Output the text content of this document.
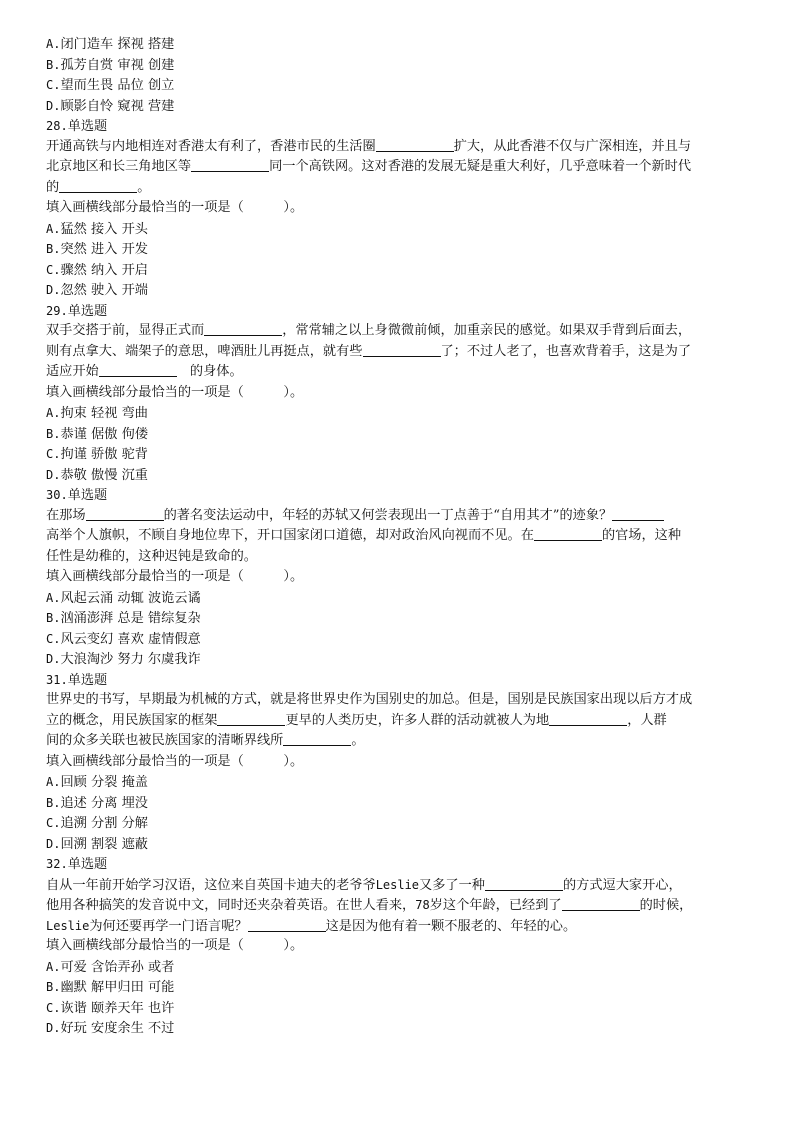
A.闭门造车 探视 搭建
B.孤芳自赏 审视 创建
C.望而生畏 品位 创立
D.顾影自怜 窥视 营建
28.单选题
开通高铁与内地相连对香港太有利了，香港市民的生活圈	扩大，从此香港不仅与广深相连，并且与
北京地区和长三角地区等	同一个高铁网。这对香港的发展无疑是重大利好，几乎意味着一个新时代
的	。
填入画横线部分最恰当的一项是（　　　）。
A.猛然 接入 开头
B.突然 进入 开发
C.骤然 纳入 开启
D.忽然 驶入 开端
29.单选题
双手交搭于前，显得正式而	，常常辅之以上身微微前倾，加重亲民的感觉。如果双手背到后面去，
则有点拿大、端架子的意思，啤酒肚儿再挺点，就有些	了；不过人老了，也喜欢背着手，这是为了
适应开始	　的身体。
填入画横线部分最恰当的一项是（　　　）。
A.拘束 轻视 弯曲
B.恭谨 倨傲 佝偻
C.拘谨 骄傲 驼背
D.恭敬 傲慢 沉重
30.单选题
在那场	的著名变法运动中，年轻的苏轼又何尝表现出一丁点善于“自用其才”的迹象？
高举个人旗帜，不顾自身地位卑下，开口国家闭口道德，却对政治风向视而不见。在	的官场，这种
任性是幼稚的，这种迟钝是致命的。
填入画横线部分最恰当的一项是（　　　）。
A.风起云涌 动辄 波诡云谲
B.汹涌澎湃 总是 错综复杂
C.风云变幻 喜欢 虚情假意
D.大浪淘沙 努力 尔虞我诈
31.单选题
世界史的书写，早期最为机械的方式，就是将世界史作为国别史的加总。但是，国别是民族国家出现以后方才成
立的概念，用民族国家的框架	更早的人类历史，许多人群的活动就被人为地	，人群
间的众多关联也被民族国家的清晰界线所	。
填入画横线部分最恰当的一项是（　　　）。
A.回顾 分裂 掩盖
B.追述 分离 埋没
C.追溯 分割 分解
D.回溯 割裂 遮蔽
32.单选题
自从一年前开始学习汉语，这位来自英国卡迪夫的老爷爷Leslie又多了一种	的方式逗大家开心，
他用各种搞笑的发音说中文，同时还夹杂着英语。在世人看来，78岁这个年龄，已经到了	的时候，
Leslie为何还要再学一门语言呢？	这是因为他有着一颗不服老的、年轻的心。
填入画横线部分最恰当的一项是（　　　）。
A.可爱 含饴弄孙 或者
B.幽默 解甲归田 可能
C.诙谐 颐养天年 也许
D.好玩 安度余生 不过
